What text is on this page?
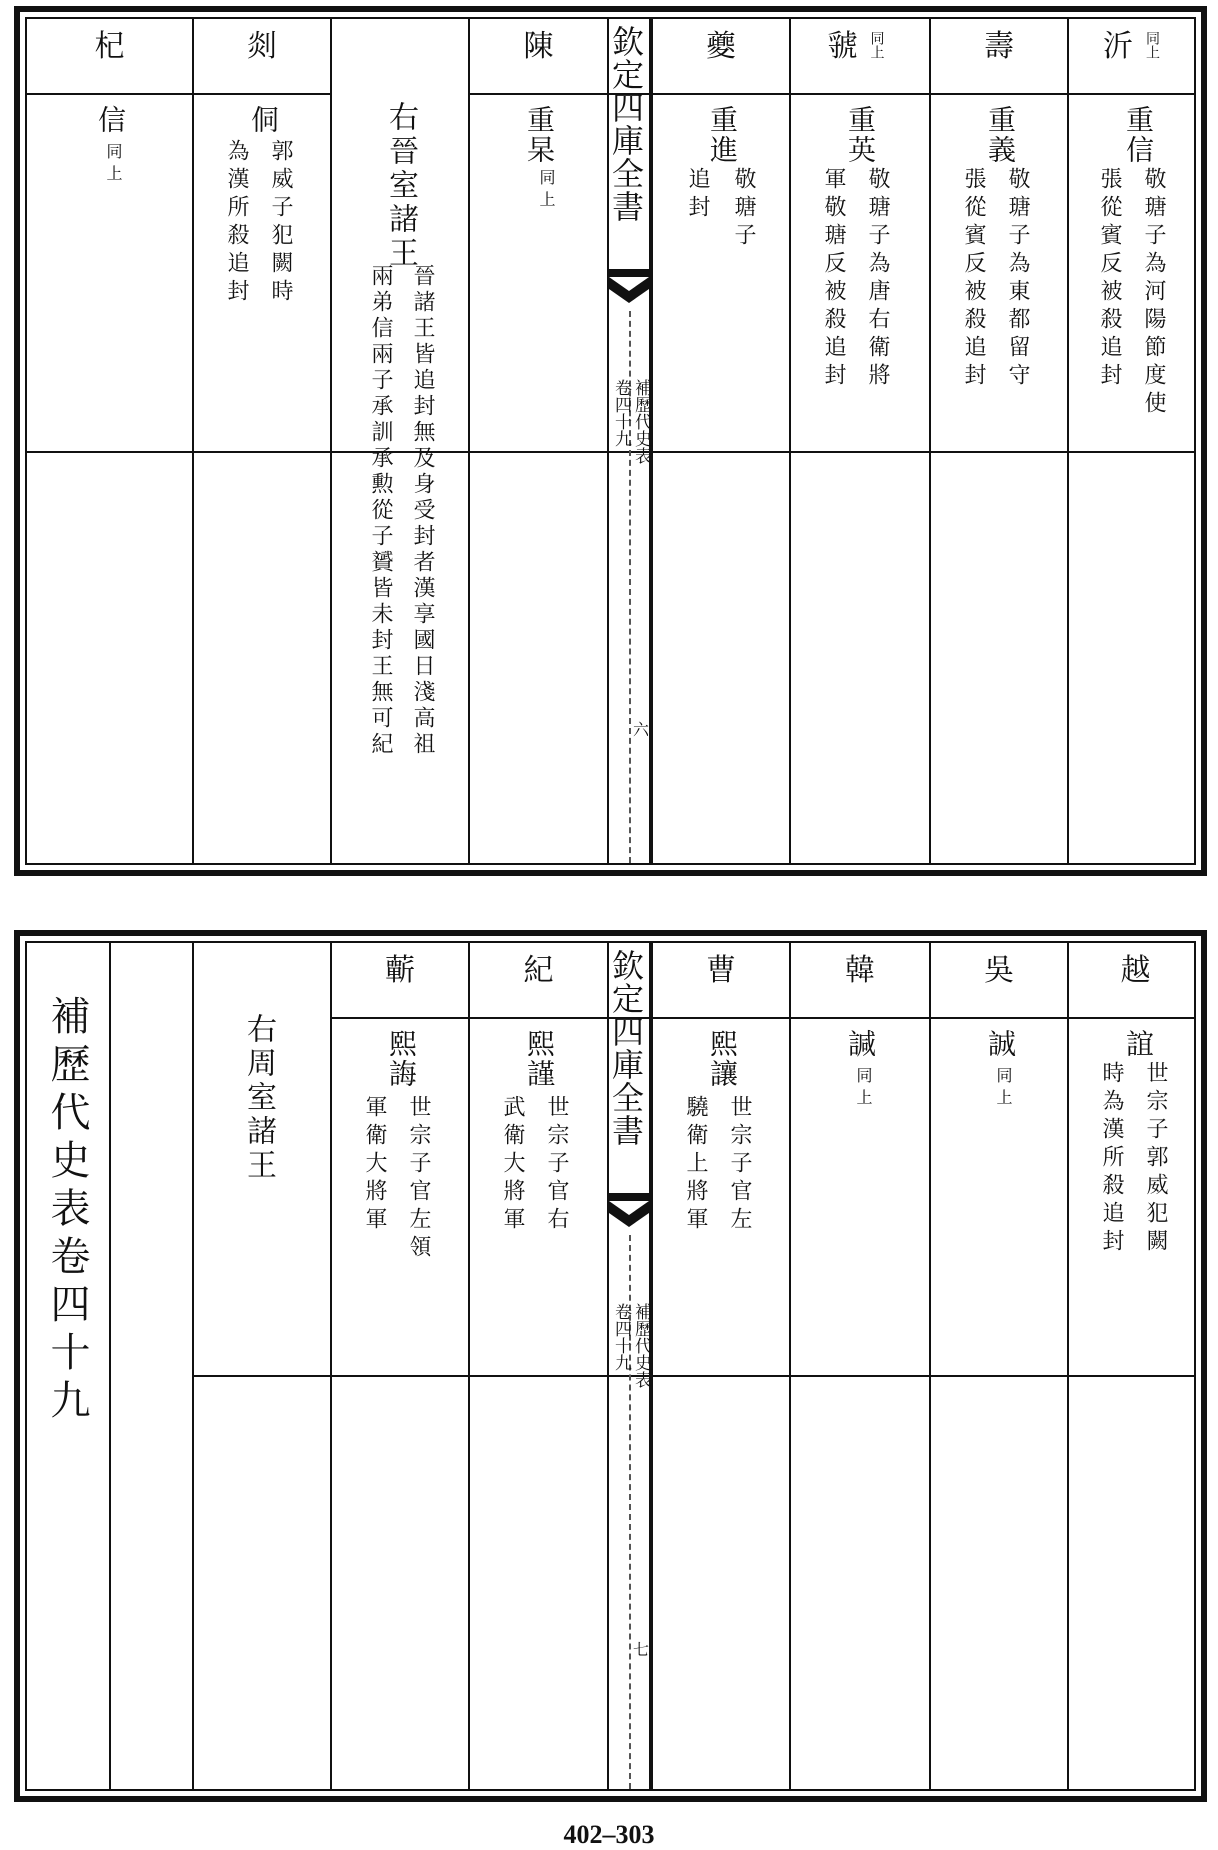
沂 $^{同上}$
重信
敬瑭子為河陽節度使
張從賓反被殺追封
壽
重義
敬瑭子為東都留守
張從賓反被殺追封
虢 $^{同上}$
重英
敬瑭子為唐右衛將
軍敬瑭反被殺追封
夔
重進
敬瑭子
追封
欽定四庫全書
補歷代史表
卷四十九
六
陳
重杲
同上
右晉室諸王
晉諸王皆追封無及身受封者漢享國日淺高祖
兩弟信兩子承訓承勲從子贇皆未封王無可紀
剡
侗
郭威子犯闕時
為漢所殺追封
杞
信
同上
越
誼
世宗子郭威犯闕
時為漢所殺追封
吳
誠
同上
韓
諴
同上
曹
熙讓
世宗子官左
驍衛上將軍
欽定四庫全書
補歷代史表
卷四十九
七
紀
熙謹
世宗子官右
武衛大將軍
蘄
熙誨
世宗子官左領
軍衛大將軍
右周室諸王
補歷代史表卷四十九
402–303
